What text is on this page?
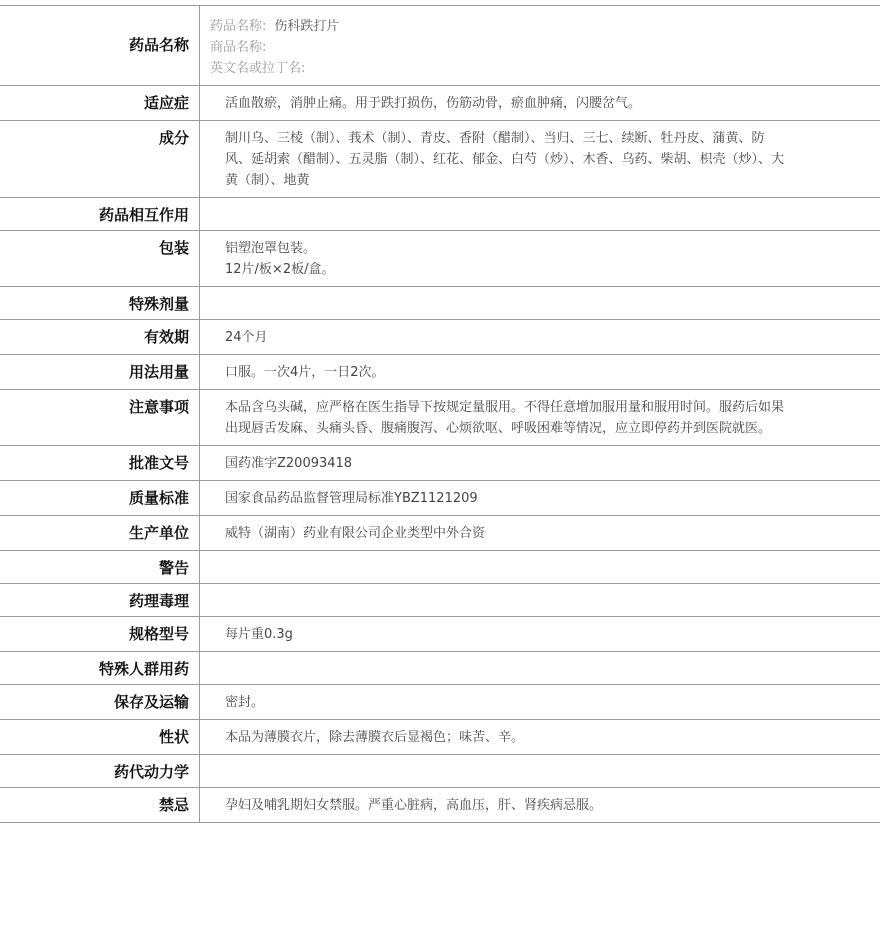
药品名称
药品名称: 伤科跌打片
商品名称:
英文名或拉丁名:
适应症	活血散瘀，消肿止痛。用于跌打损伤，伤筋动骨，瘀血肿痛，闪腰岔气。
成分	制川乌、三棱（制）、莪术（制）、青皮、香附（醋制）、当归、三七、续断、牡丹皮、蒲黄、防风、延胡索（醋制）、五灵脂（制）、红花、郁金、白芍（炒）、木香、乌药、柴胡、枳壳（炒）、大黄（制）、地黄
药品相互作用
包装	铝塑泡罩包装。
12片/板×2板/盒。
特殊剂量
有效期	24个月
用法用量	口服。一次4片，一日2次。
注意事项	本品含乌头碱，应严格在医生指导下按规定量服用。不得任意增加服用量和服用时间。服药后如果出现唇舌发麻、头痛头昏、腹痛腹泻、心烦欲呕、呼吸困难等情况，应立即停药并到医院就医。
批准文号	国药准字Z20093418
质量标准	国家食品药品监督管理局标准YBZ1121209
生产单位	威特（湖南）药业有限公司企业类型中外合资
警告
药理毒理
规格型号	每片重0.3g
特殊人群用药
保存及运输	密封。
性状	本品为薄膜衣片，除去薄膜衣后显褐色；味苦、辛。
药代动力学
禁忌	孕妇及哺乳期妇女禁服。严重心脏病，高血压，肝、肾疾病忌服。
